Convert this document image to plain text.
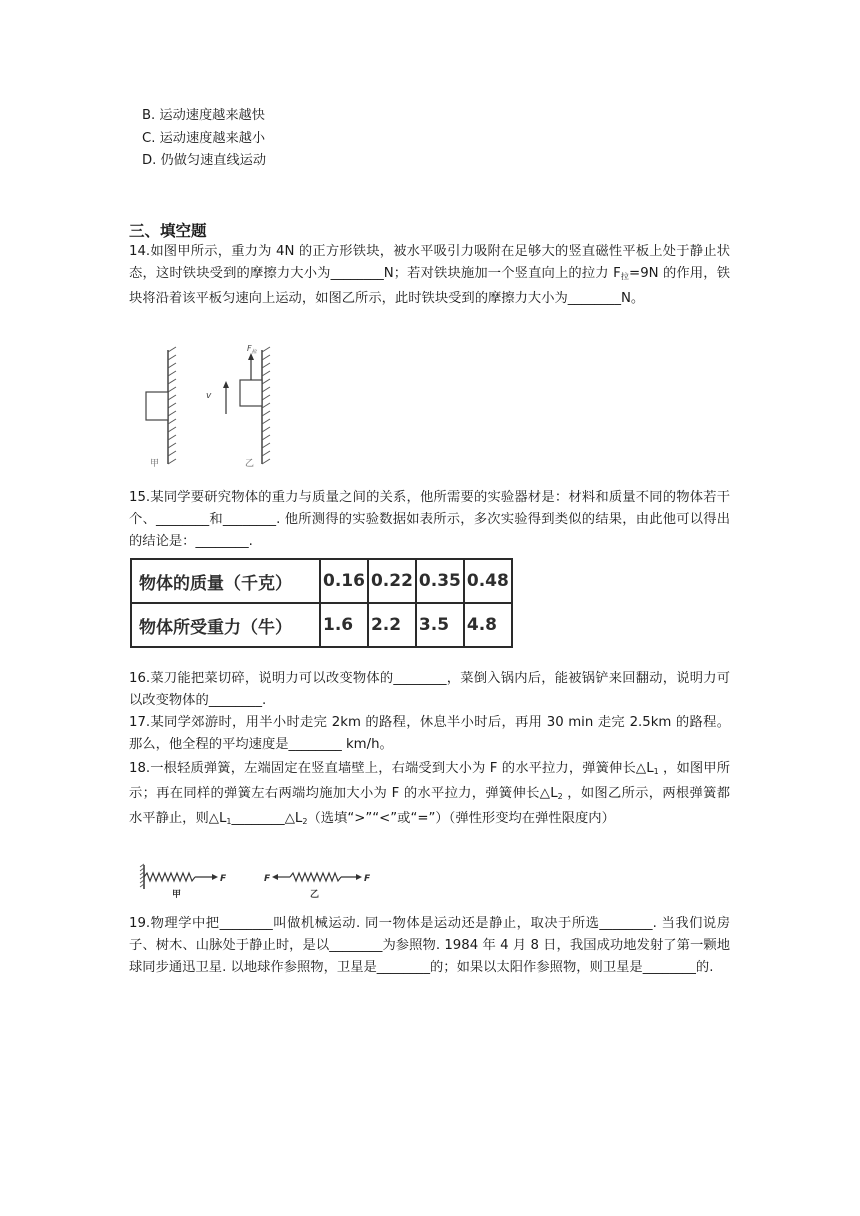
B. 运动速度越来越快
C. 运动速度越来越小
D. 仍做匀速直线运动
三、填空题
14.如图甲所示，重力为 4N 的正方形铁块，被水平吸引力吸附在足够大的竖直磁性平板上处于静止状态，这时铁块受到的摩擦力大小为________N；若对铁块施加一个竖直向上的拉力 $F_拉=9N$ 的作用，铁块将沿着该平板匀速向上运动，如图乙所示，此时铁块受到的摩擦力大小为________N。
甲
$F_拉$
v
乙
15.某同学要研究物体的重力与质量之间的关系，他所需要的实验器材是：材料和质量不同的物体若干个、________和________. 他所测得的实验数据如表所示，多次实验得到类似的结果，由此他可以得出的结论是：________.
物体的质量（千克）	0.16	0.22	0.35	0.48
物体所受重力（牛）	1.6	2.2	3.5	4.8
16.菜刀能把菜切碎，说明力可以改变物体的________，菜倒入锅内后，能被锅铲来回翻动，说明力可以改变物体的________.
17.某同学郊游时，用半小时走完 2km 的路程，休息半小时后，再用 30 min 走完 2.5km 的路程。那么，他全程的平均速度是________ km/h。
18.一根轻质弹簧，左端固定在竖直墙壁上，右端受到大小为 F 的水平拉力，弹簧伸长$\triangle L_1$ ，如图甲所示；再在同样的弹簧左右两端均施加大小为 F 的水平拉力，弹簧伸长$\triangle L_2$ ，如图乙所示，两根弹簧都水平静止，则$\triangle L_1\_\_\_\_\_\_\_\_\triangle L_2$（选填“>”“<”或“=”）（弹性形变均在弹性限度内）
F
甲
F	F
乙
19.物理学中把________叫做机械运动. 同一物体是运动还是静止，取决于所选________. 当我们说房子、树木、山脉处于静止时，是以________为参照物. 1984 年 4 月 8 日，我国成功地发射了第一颗地球同步通迅卫星. 以地球作参照物，卫星是________的；如果以太阳作参照物，则卫星是________的.
